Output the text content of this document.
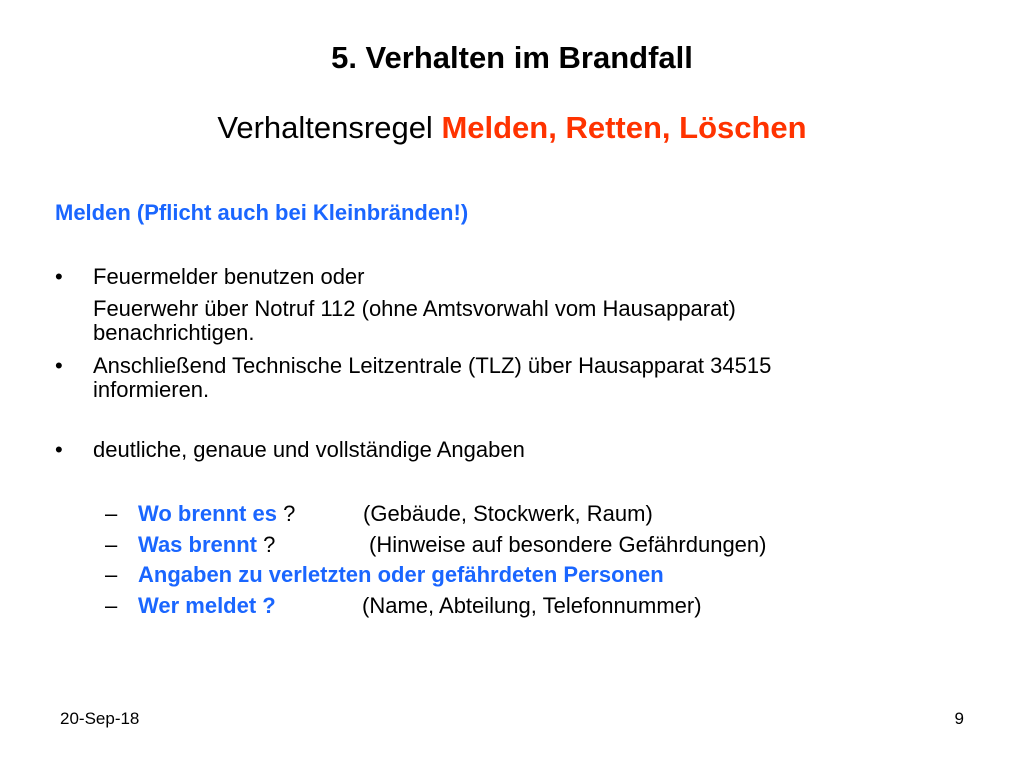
5. Verhalten im Brandfall
Verhaltensregel Melden, Retten, Löschen
Melden (Pflicht auch bei Kleinbränden!)
• Feuermelder benutzen oder
Feuerwehr über Notruf 112 (ohne Amtsvorwahl vom Hausapparat) benachrichtigen.
• Anschließend Technische Leitzentrale (TLZ) über Hausapparat 34515 informieren.
• deutliche, genaue und vollständige Angaben
– Wo brennt es ?	(Gebäude, Stockwerk, Raum)
– Was brennt ?	(Hinweise auf besondere Gefährdungen)
– Angaben zu verletzten oder gefährdeten Personen
– Wer meldet ?	(Name, Abteilung, Telefonnummer)
20-Sep-18	9
